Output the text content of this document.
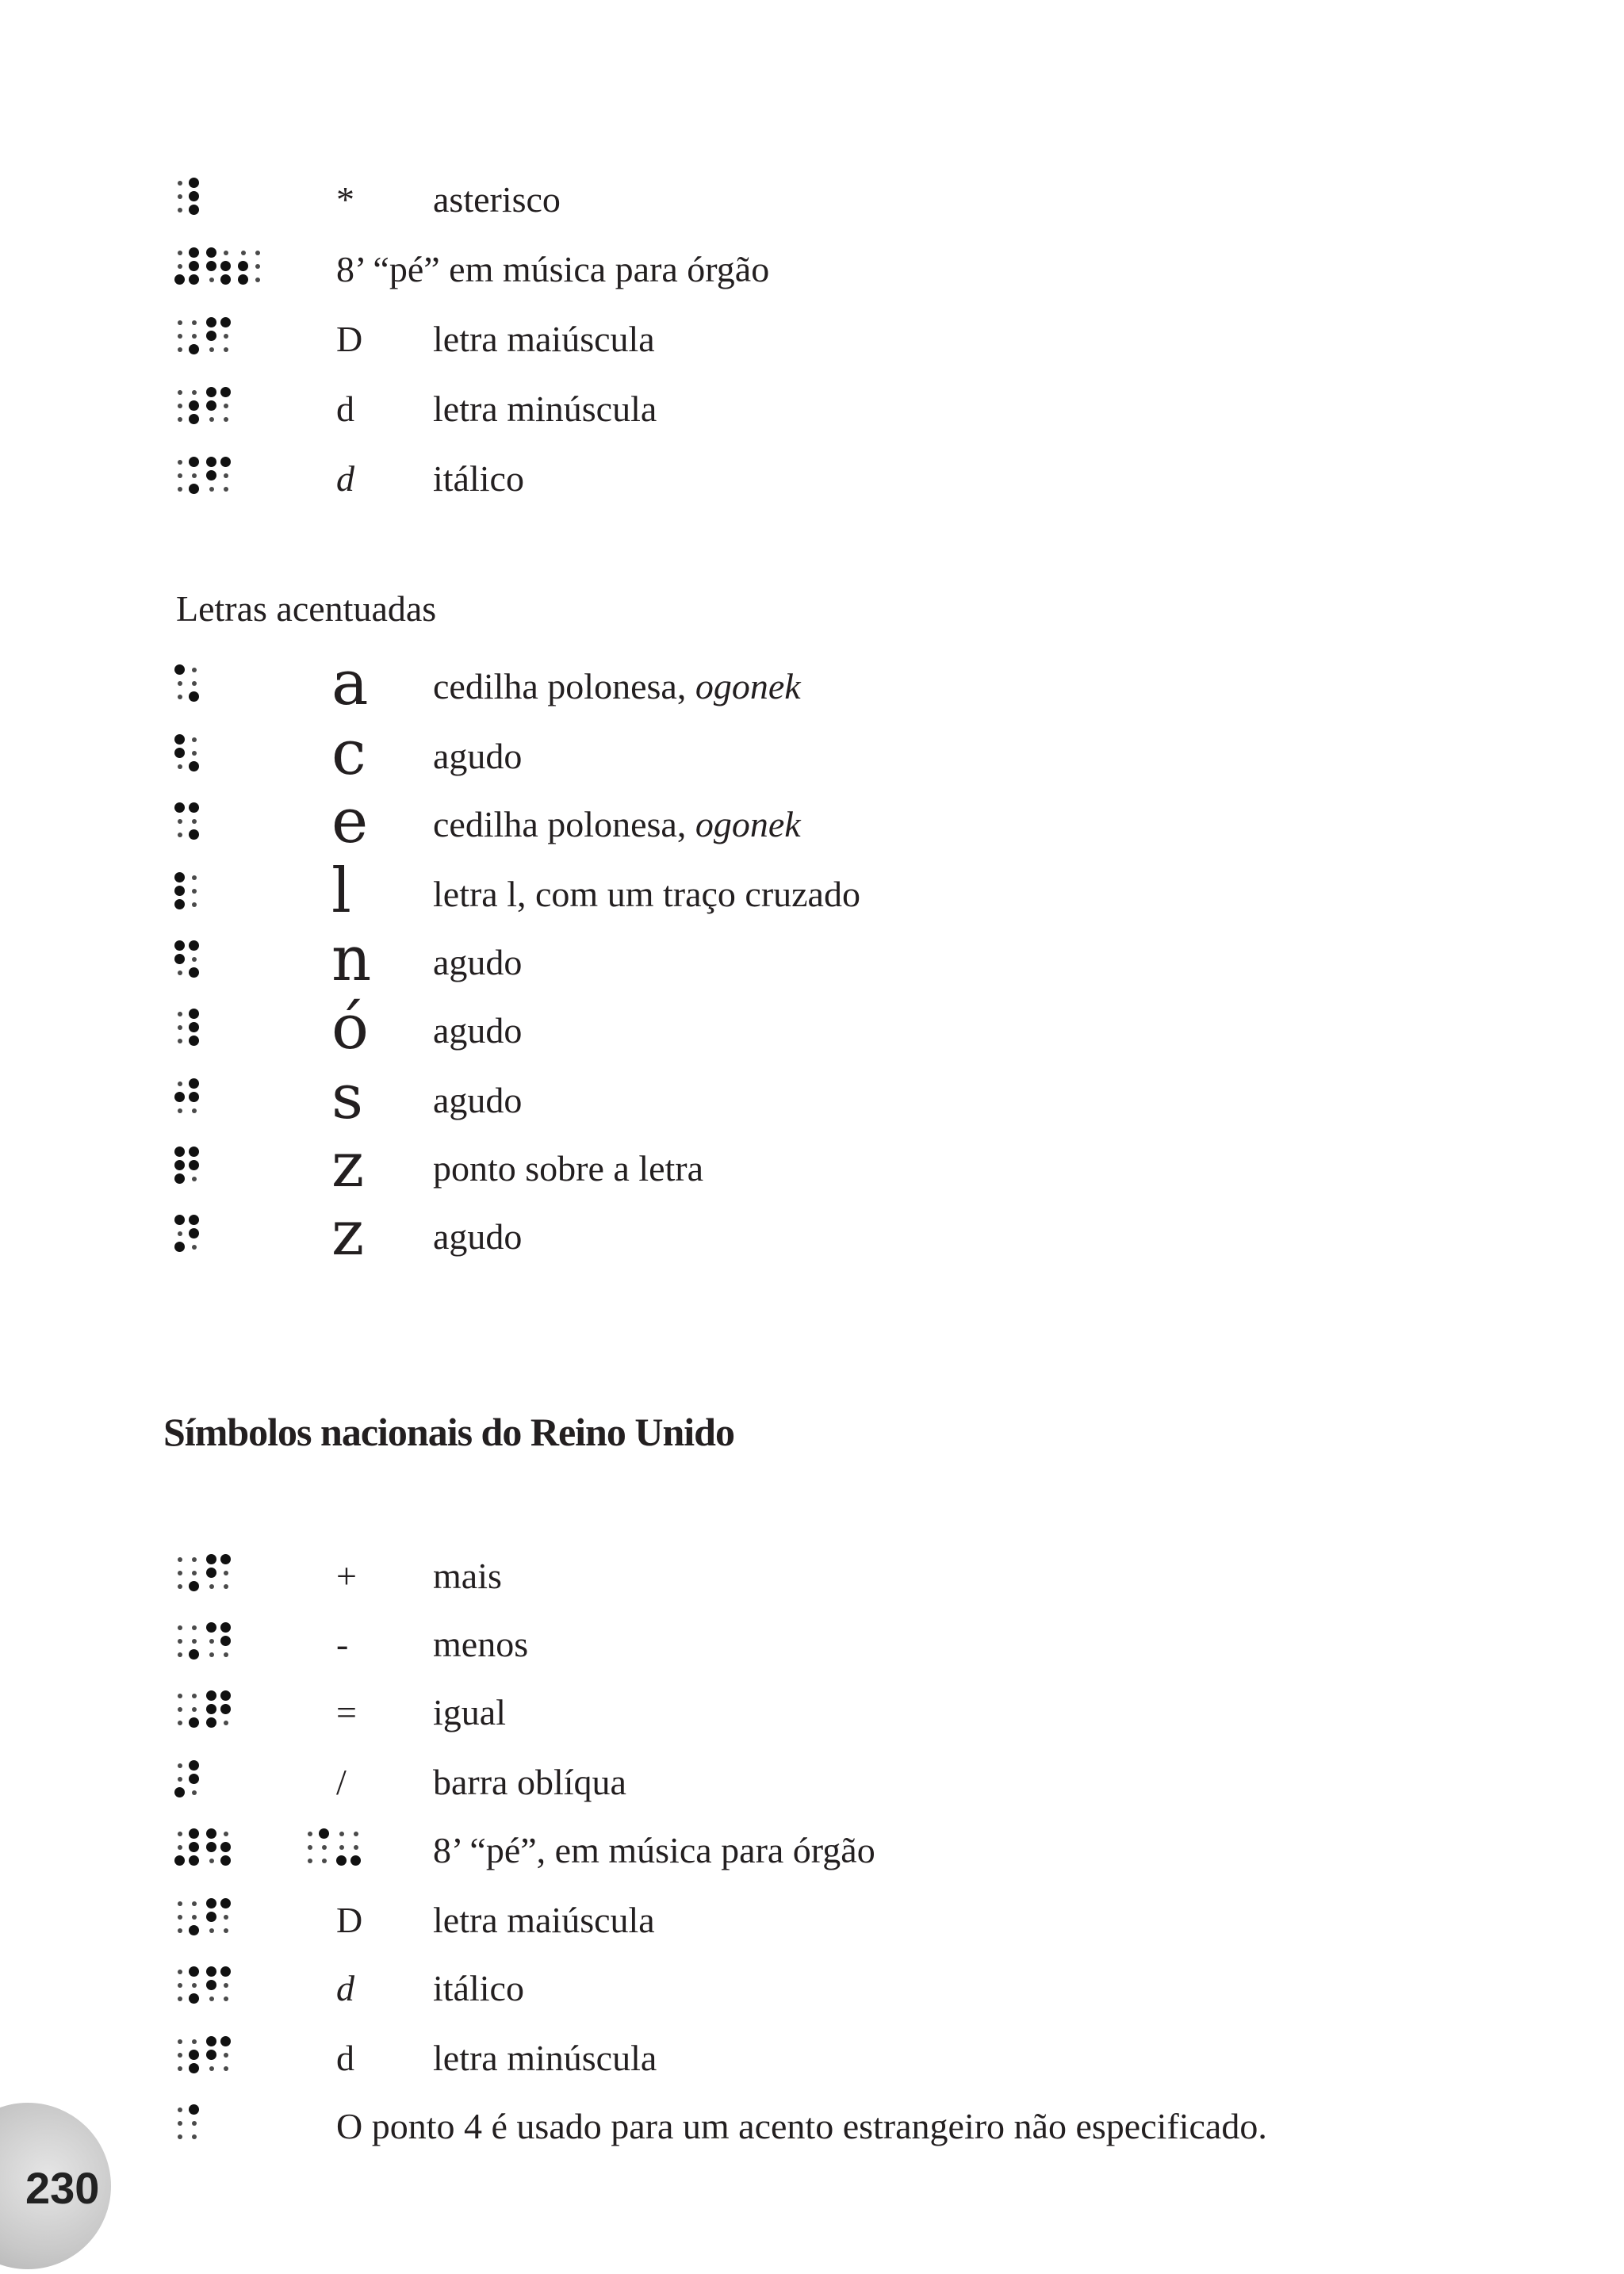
* asterisco
8’ “pé” em música para órgão
D letra maiúscula
d letra minúscula
d itálico
Letras acentuadas
a cedilha polonesa, ogonek
c agudo
e cedilha polonesa, ogonek
l letra l, com um traço cruzado
n agudo
ó agudo
s agudo
z ponto sobre a letra
z agudo
Símbolos nacionais do Reino Unido
+ mais
- menos
= igual
/ barra oblíqua
8’ “pé”, em música para órgão
D letra maiúscula
d itálico
d letra minúscula
O ponto 4 é usado para um acento estrangeiro não especificado.
230
